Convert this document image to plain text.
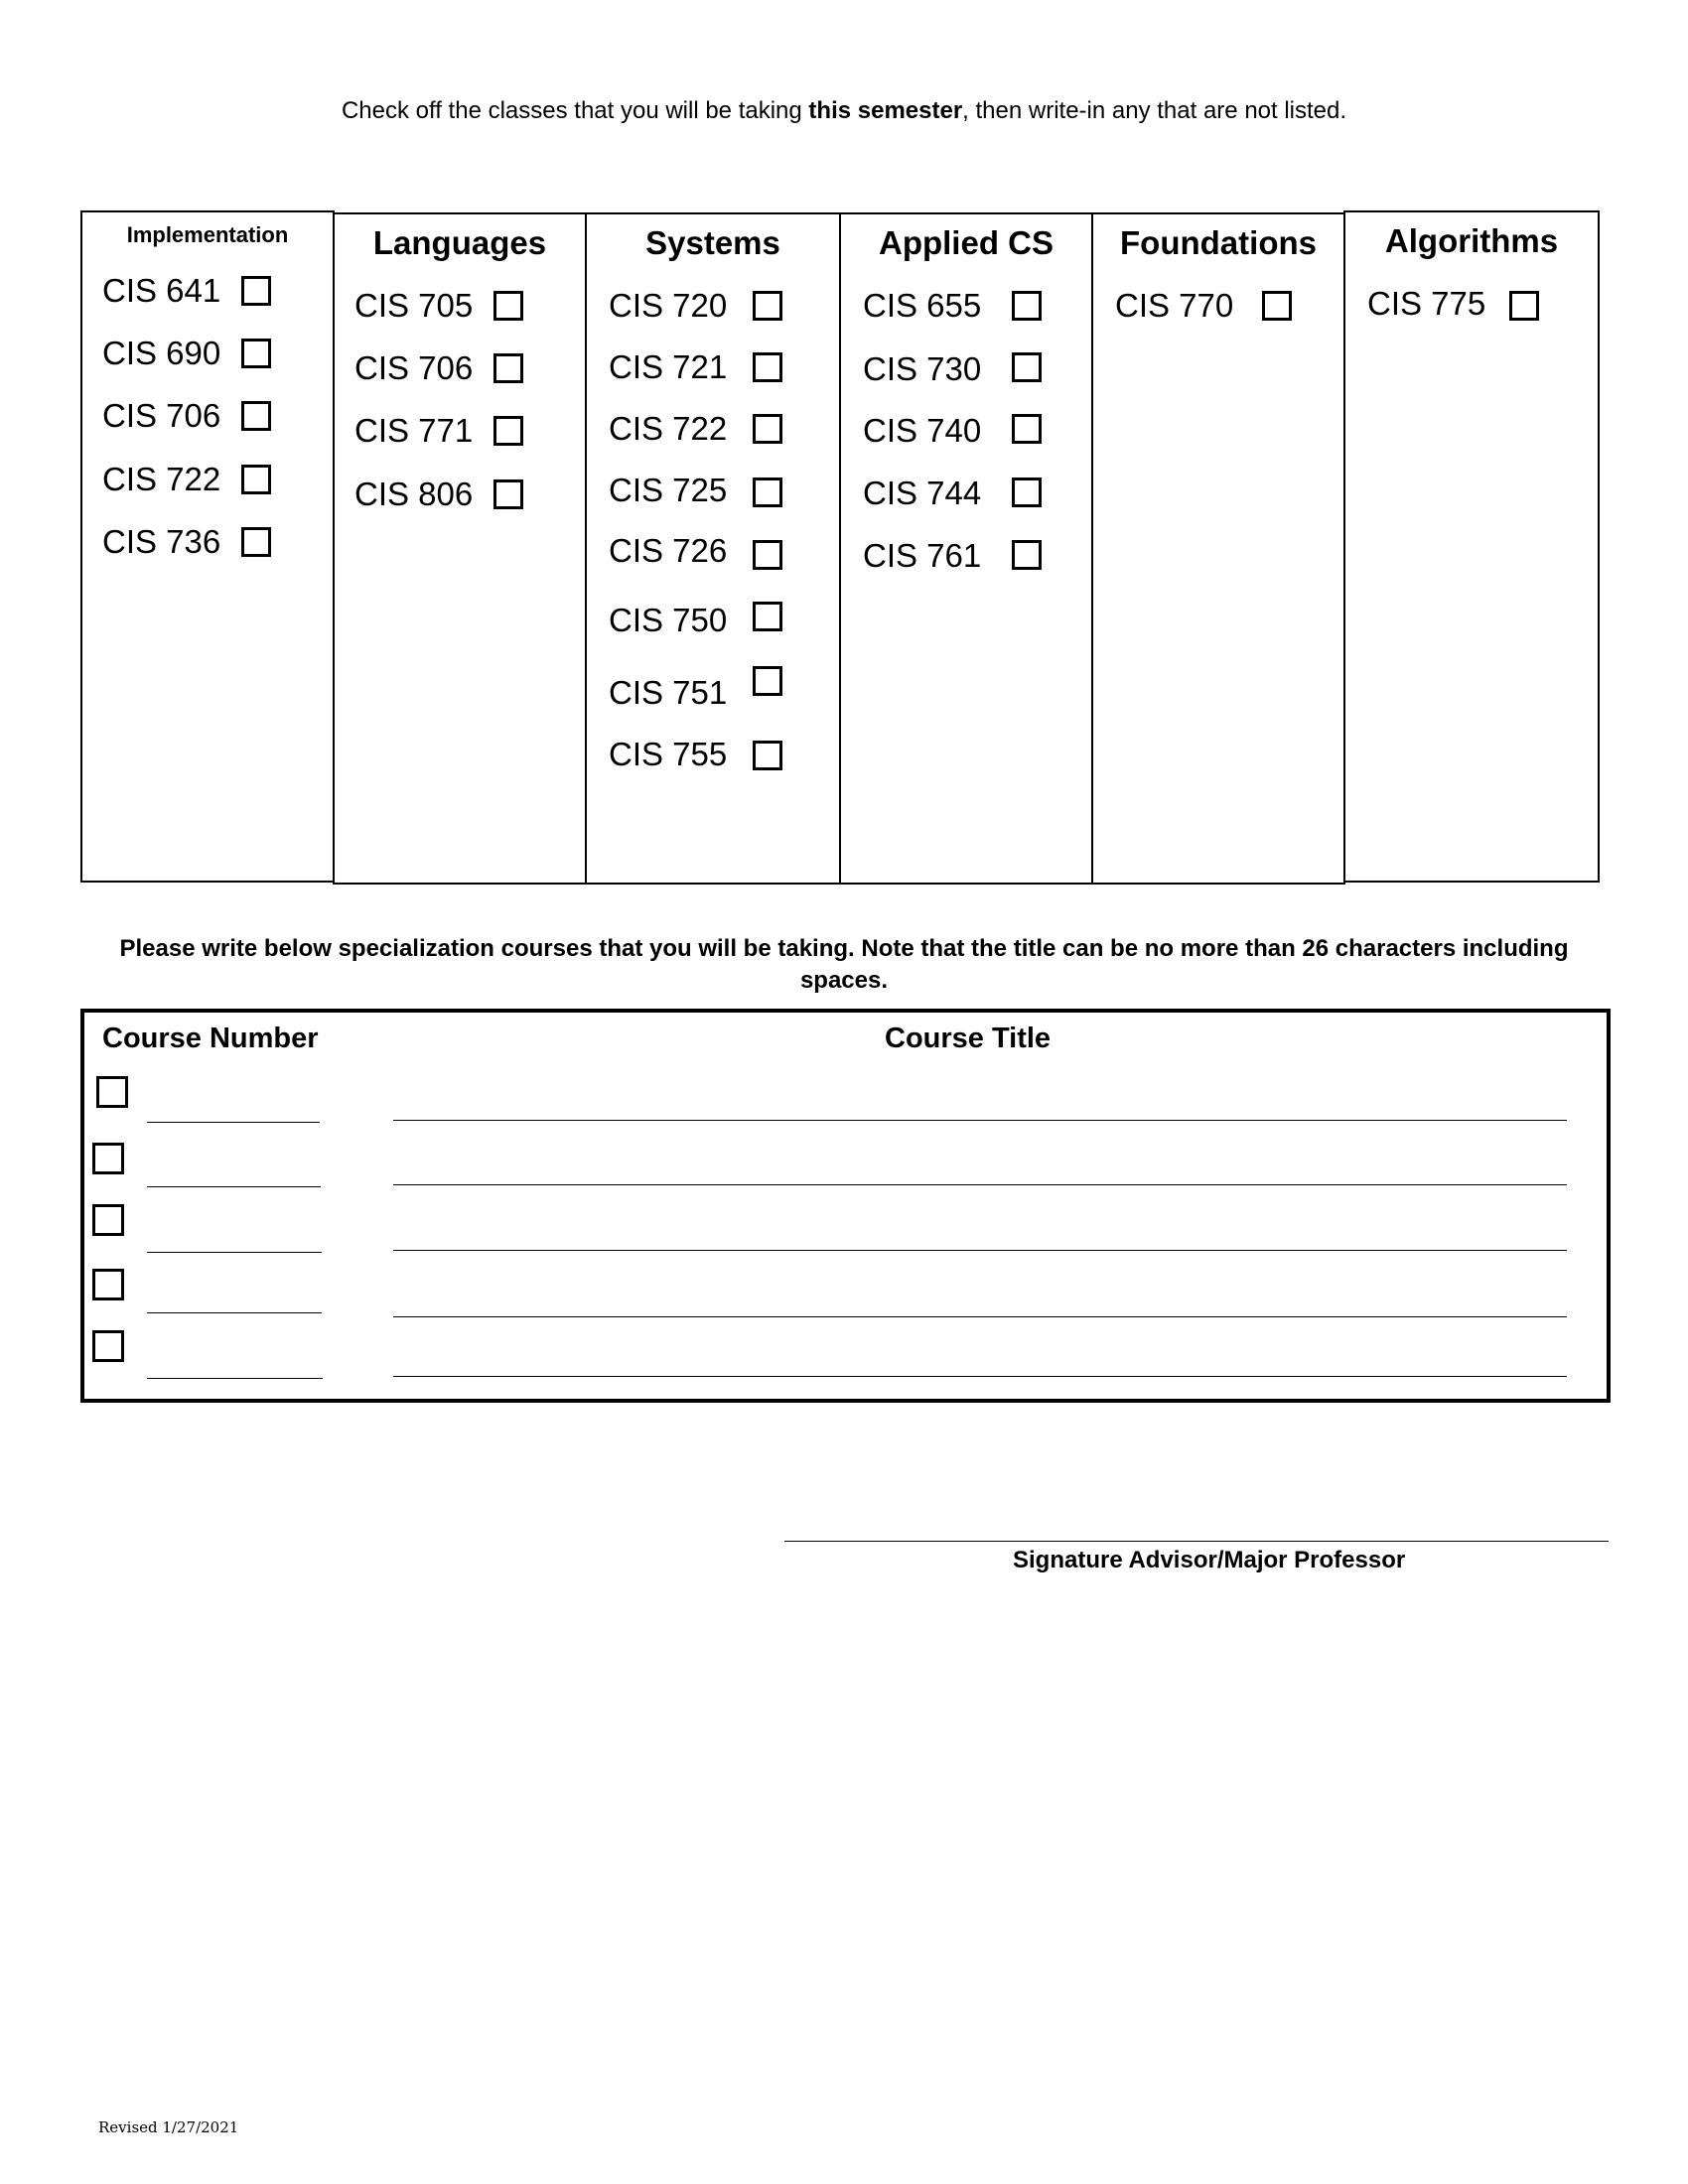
Check off the classes that you will be taking this semester, then write-in any that are not listed.
Implementation
CIS 641
CIS 690
CIS 706
CIS 722
CIS 736
Languages
CIS 705
CIS 706
CIS 771
CIS 806
Systems
CIS 720
CIS 721
CIS 722
CIS 725
CIS 726
CIS 750
CIS 751
CIS 755
Applied CS
CIS 655
CIS 730
CIS 740
CIS 744
CIS 761
Foundations
CIS 770
Algorithms
CIS 775
Please write below specialization courses that you will be taking. Note that the title can be no more than 26 characters including spaces.
Course Number	Course Title
Signature Advisor/Major Professor
Revised 1/27/2021
